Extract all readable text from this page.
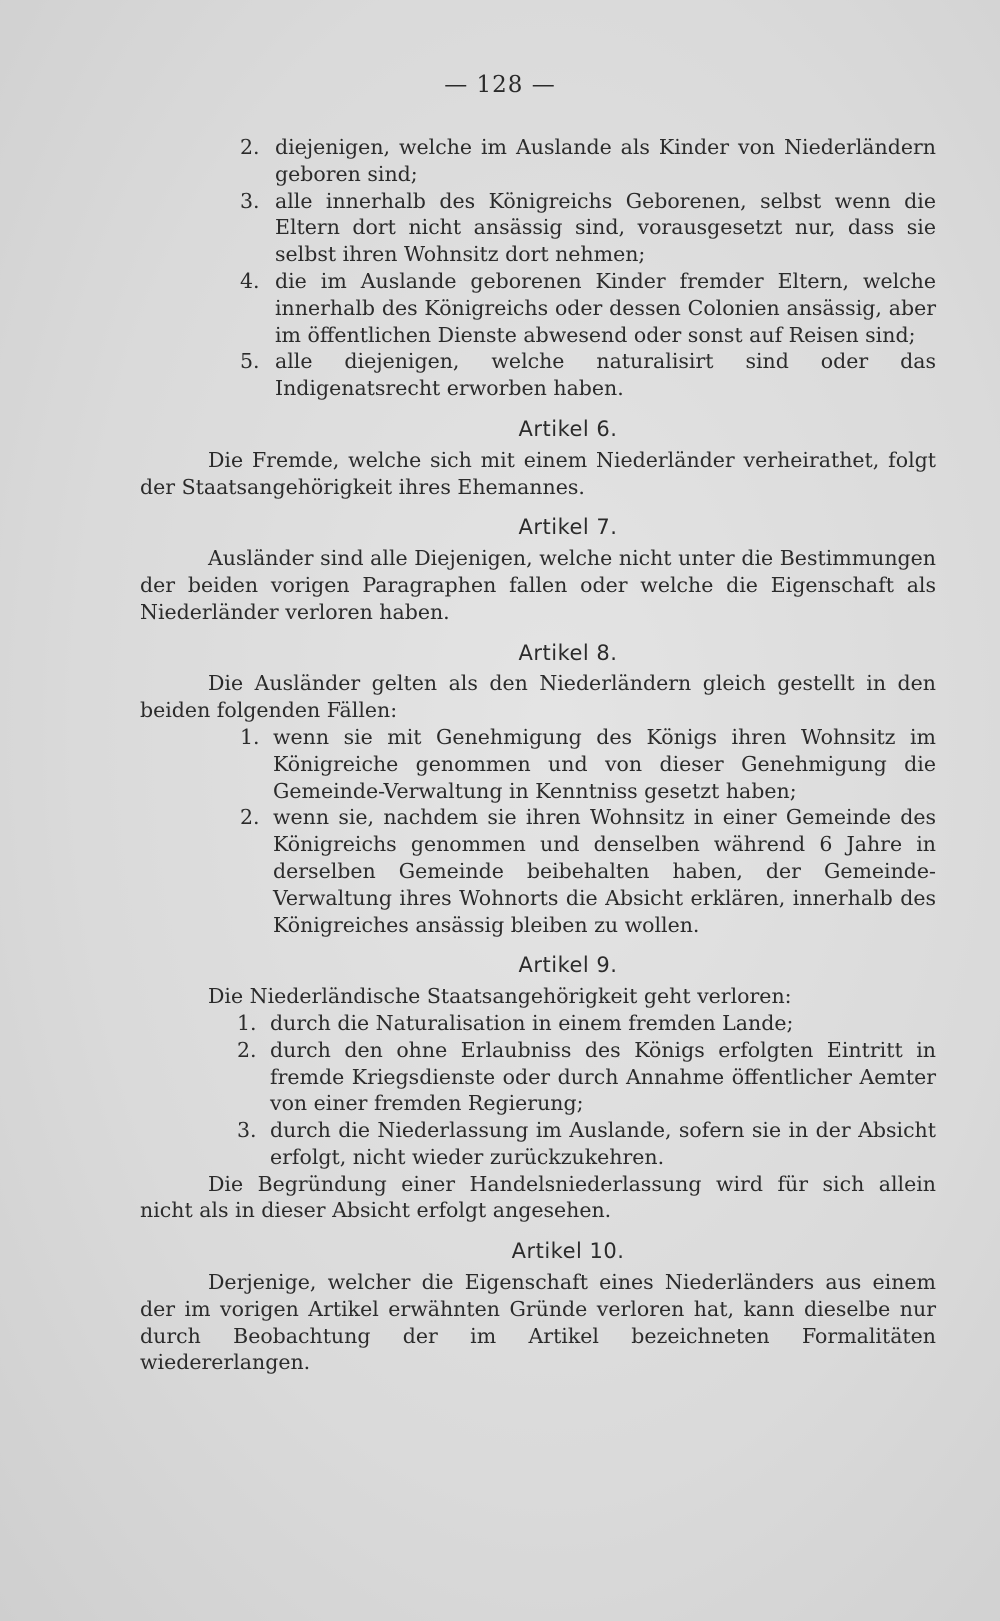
— 128 —
2. diejenigen, welche im Auslande als Kinder von Niederländern geboren sind;
3. alle innerhalb des Königreichs Geborenen, selbst wenn die Eltern dort nicht ansässig sind, vorausgesetzt nur, dass sie selbst ihren Wohnsitz dort nehmen;
4. die im Auslande geborenen Kinder fremder Eltern, welche innerhalb des Königreichs oder dessen Colonien ansässig, aber im öffentlichen Dienste abwesend oder sonst auf Reisen sind;
5. alle diejenigen, welche naturalisirt sind oder das Indigenatsrecht erworben haben.
Artikel 6.
Die Fremde, welche sich mit einem Niederländer verheirathet, folgt der Staatsangehörigkeit ihres Ehemannes.
Artikel 7.
Ausländer sind alle Diejenigen, welche nicht unter die Bestimmungen der beiden vorigen Paragraphen fallen oder welche die Eigenschaft als Niederländer verloren haben.
Artikel 8.
Die Ausländer gelten als den Niederländern gleich gestellt in den beiden folgenden Fällen:
1. wenn sie mit Genehmigung des Königs ihren Wohnsitz im Königreiche genommen und von dieser Genehmigung die Gemeinde-Verwaltung in Kenntniss gesetzt haben;
2. wenn sie, nachdem sie ihren Wohnsitz in einer Gemeinde des Königreichs genommen und denselben während 6 Jahre in derselben Gemeinde beibehalten haben, der Gemeinde-Verwaltung ihres Wohnorts die Absicht erklären, innerhalb des Königreiches ansässig bleiben zu wollen.
Artikel 9.
Die Niederländische Staatsangehörigkeit geht verloren:
1. durch die Naturalisation in einem fremden Lande;
2. durch den ohne Erlaubniss des Königs erfolgten Eintritt in fremde Kriegsdienste oder durch Annahme öffentlicher Aemter von einer fremden Regierung;
3. durch die Niederlassung im Auslande, sofern sie in der Absicht erfolgt, nicht wieder zurückzukehren.
Die Begründung einer Handelsniederlassung wird für sich allein nicht als in dieser Absicht erfolgt angesehen.
Artikel 10.
Derjenige, welcher die Eigenschaft eines Niederländers aus einem der im vorigen Artikel erwähnten Gründe verloren hat, kann dieselbe nur durch Beobachtung der im Artikel bezeichneten Formalitäten wiedererlangen.
